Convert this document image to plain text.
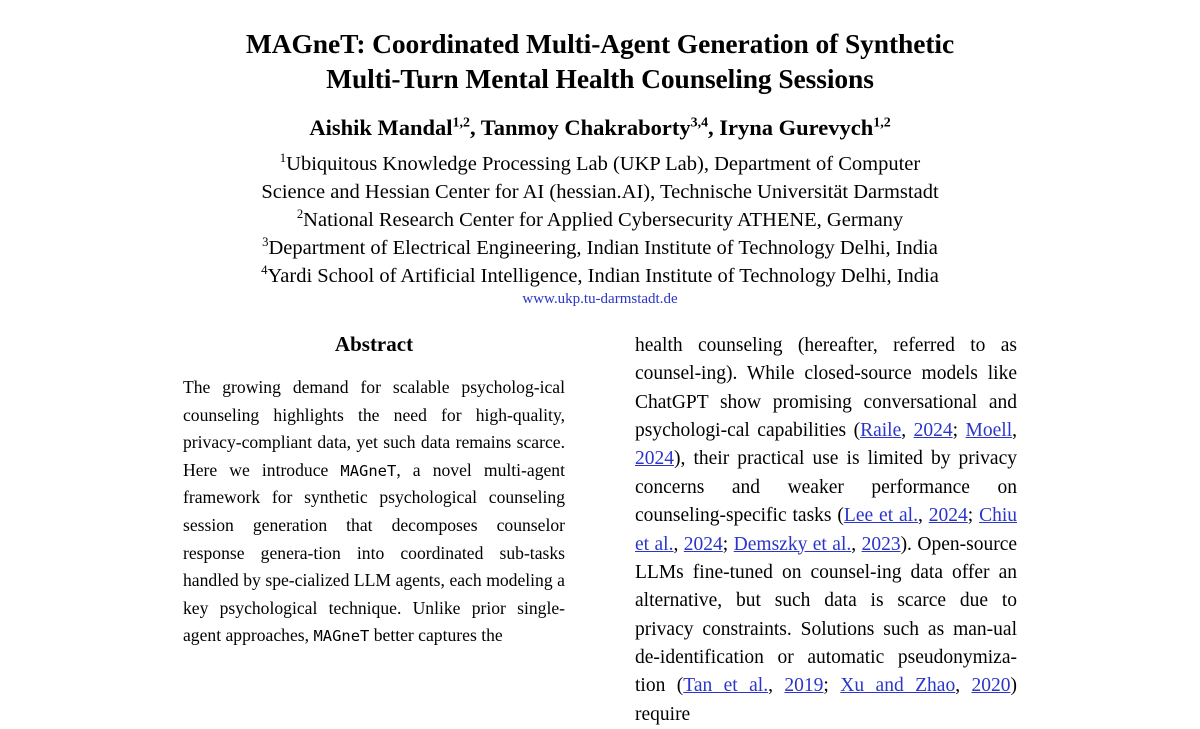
MAGneT: Coordinated Multi-Agent Generation of Synthetic
Multi-Turn Mental Health Counseling Sessions
Aishik Mandal$^{1,2}$, Tanmoy Chakraborty$^{3,4}$, Iryna Gurevych$^{1,2}$
$^1$Ubiquitous Knowledge Processing Lab (UKP Lab), Department of Computer
Science and Hessian Center for AI (hessian.AI), Technische Universität Darmstadt
$^2$National Research Center for Applied Cybersecurity ATHENE, Germany
$^3$Department of Electrical Engineering, Indian Institute of Technology Delhi, India
$^4$Yardi School of Artificial Intelligence, Indian Institute of Technology Delhi, India
www.ukp.tu-darmstadt.de
Abstract
The growing demand for scalable psycholog-ical counseling highlights the need for high-quality, privacy-compliant data, yet such data remains scarce. Here we introduce MAGneT, a novel multi-agent framework for synthetic psychological counseling session generation that decomposes counselor response genera-tion into coordinated sub-tasks handled by spe-cialized LLM agents, each modeling a key psychological technique. Unlike prior single-agent approaches, MAGneT better captures the

health counseling (hereafter, referred to as counsel-ing). While closed-source models like ChatGPT show promising conversational and psychologi-cal capabilities (Raile, 2024; Moell, 2024), their practical use is limited by privacy concerns and weaker performance on counseling-specific tasks (Lee et al., 2024; Chiu et al., 2024; Demszky et al., 2023). Open-source LLMs fine-tuned on counsel-ing data offer an alternative, but such data is scarce due to privacy constraints. Solutions such as man-ual de-identification or automatic pseudonymiza-tion (Tan et al., 2019; Xu and Zhao, 2020) require
